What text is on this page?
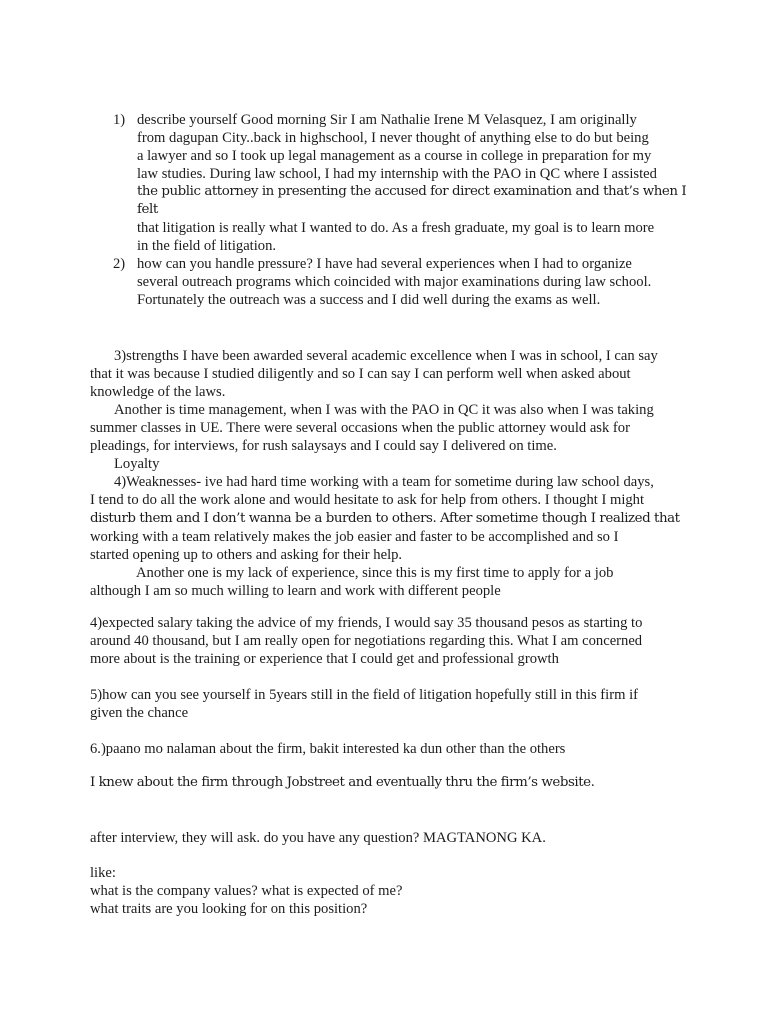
1) describe yourself Good morning Sir I am Nathalie Irene M Velasquez, I am originally

from dagupan City..back in highschool, I never thought of anything else to do but being

a lawyer and so I took up legal management as a course in college in preparation for my

law studies. During law school, I had my internship with the PAO in QC where I assisted

the public attorney in presenting the accused for direct examination and that’s when I felt

that litigation is really what I wanted to do. As a fresh graduate, my goal is to learn more

in the field of litigation.

2) how can you handle pressure? I have had several experiences when I had to organize

several outreach programs which coincided with major examinations during law school.

Fortunately the outreach was a success and I did well during the exams as well.

3)strengths I have been awarded several academic excellence when I was in school, I can say
that it was because I studied diligently and so I can say I can perform well when asked about
knowledge of the laws.

Another is time management, when I was with the PAO in QC it was also when I was taking
summer classes in UE. There were several occasions when the public attorney would ask for
pleadings, for interviews, for rush salaysays and I could say I delivered on time.

Loyalty

4)Weaknesses- ive had hard time working with a team for sometime during law school days,
I tend to do all the work alone and would hesitate to ask for help from others. I thought I might
disturb them and I don’t wanna be a burden to others. After sometime though I realized that
working with a team relatively makes the job easier and faster to be accomplished and so I
started opening up to others and asking for their help.

Another one is my lack of experience, since this is my first time to apply for a job
although I am so much willing to learn and work with different people

4)expected salary taking the advice of my friends, I would say 35 thousand pesos as starting to

around 40 thousand, but I am really open for negotiations regarding this. What I am concerned

more about is the training or experience that I could get and professional growth

5)how can you see yourself in 5years still in the field of litigation hopefully still in this firm if

given the chance

6.)paano mo nalaman about the firm, bakit interested ka dun other than the others

I knew about the firm through Jobstreet and eventually thru the firm’s website.

after interview, they will ask. do you have any question? MAGTANONG KA.

like:

what is the company values? what is expected of me?

what traits are you looking for on this position?
